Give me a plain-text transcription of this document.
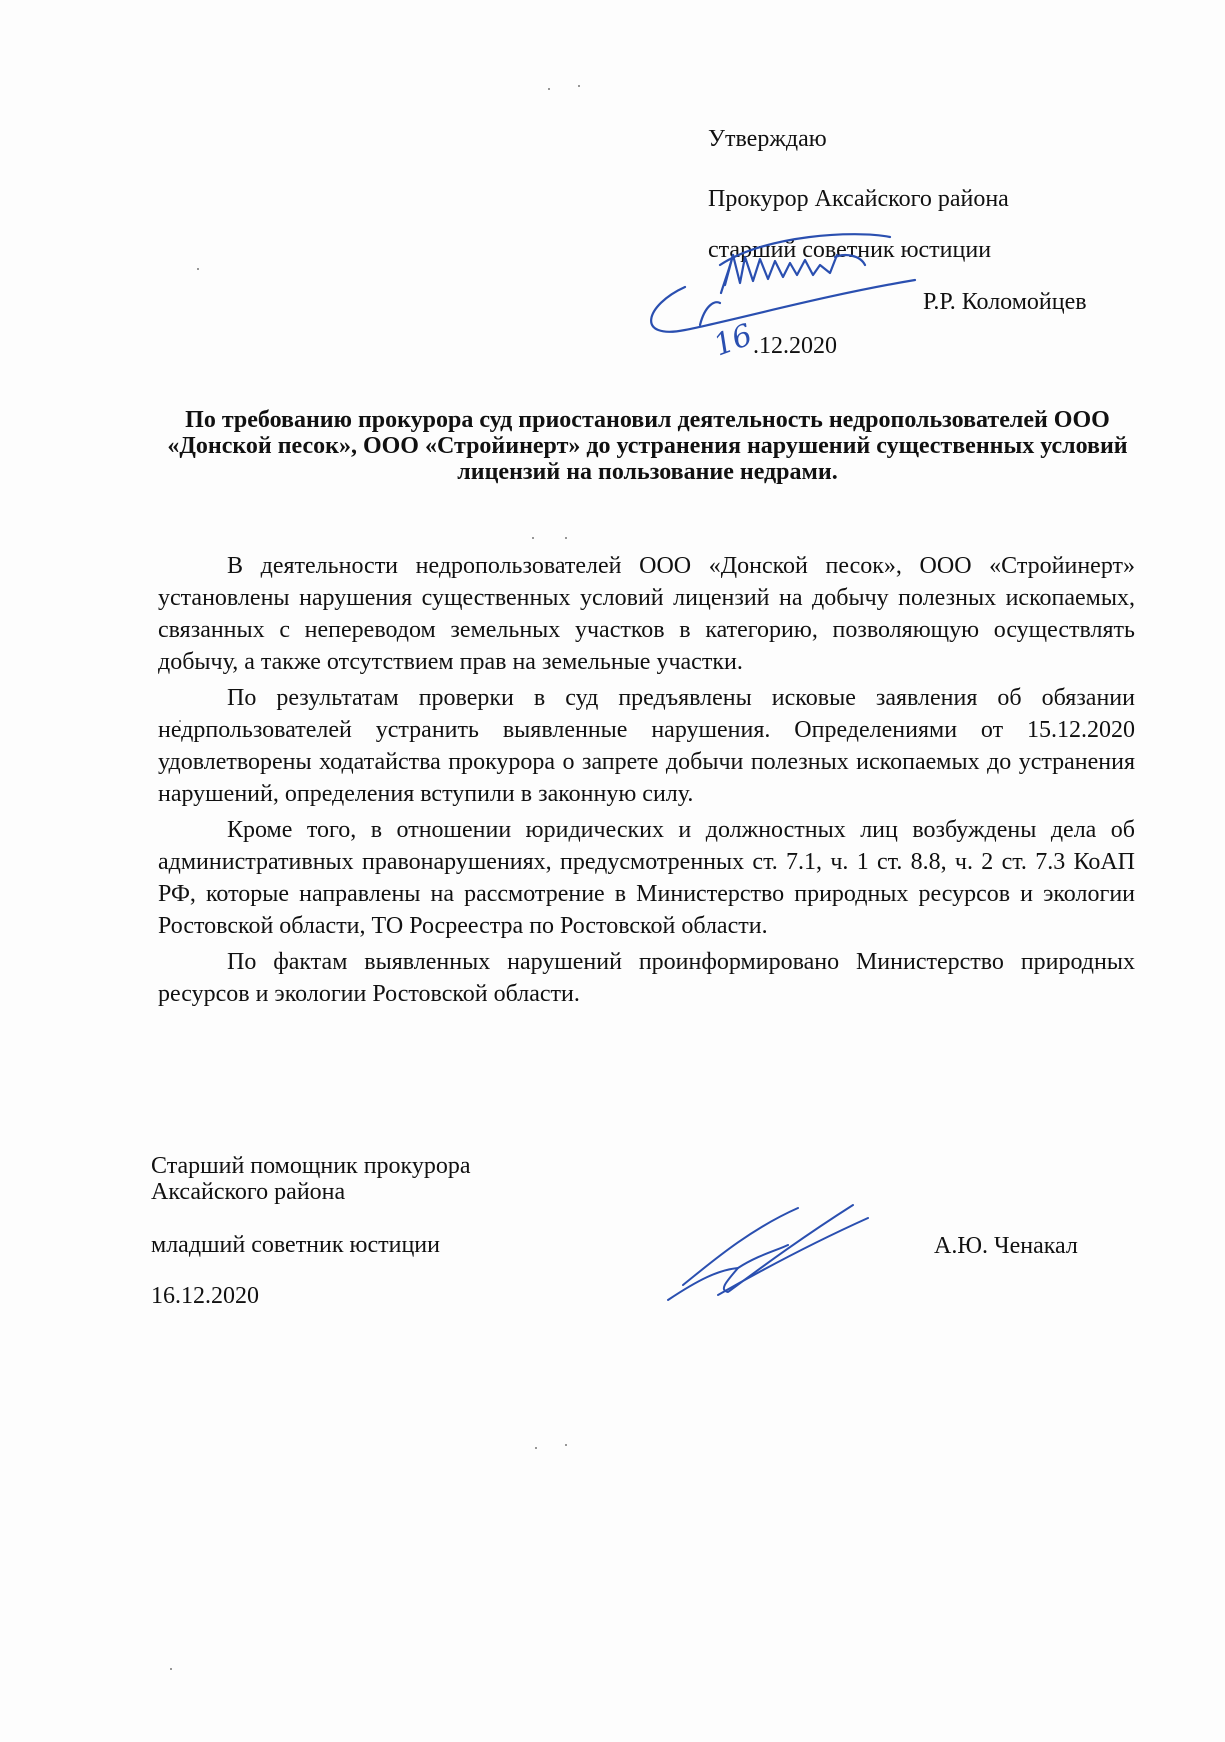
Утверждаю
Прокурор Аксайского района
старший советник юстиции
Р.Р. Коломойцев
.12.2020
16
По требованию прокурора суд приостановил деятельность недропользователей ООО «Донской песок», ООО «Стройинерт» до устранения нарушений существенных условий лицензий на пользование недрами.

В деятельности недропользователей ООО «Донской песок», ООО «Стройинерт» установлены нарушения существенных условий лицензий на добычу полезных ископаемых, связанных с непереводом земельных участков в категорию, позволяющую осуществлять добычу, а также отсутствием прав на земельные участки.

По результатам проверки в суд предъявлены исковые заявления об обязании недрпользователей устранить выявленные нарушения. Определениями от 15.12.2020 удовлетворены ходатайства прокурора о запрете добычи полезных ископаемых до устранения нарушений, определения вступили в законную силу.

Кроме того, в отношении юридических и должностных лиц возбуждены дела об административных правонарушениях, предусмотренных ст. 7.1, ч. 1 ст. 8.8, ч. 2 ст. 7.3 КоАП РФ, которые направлены на рассмотрение в Министерство природных ресурсов и экологии Ростовской области, ТО Росреестра по Ростовской области.

По фактам выявленных нарушений проинформировано Министерство природных ресурсов и экологии Ростовской области.

Старший помощник прокурора
Аксайского района
младший советник юстиции
16.12.2020
А.Ю. Ченакал
